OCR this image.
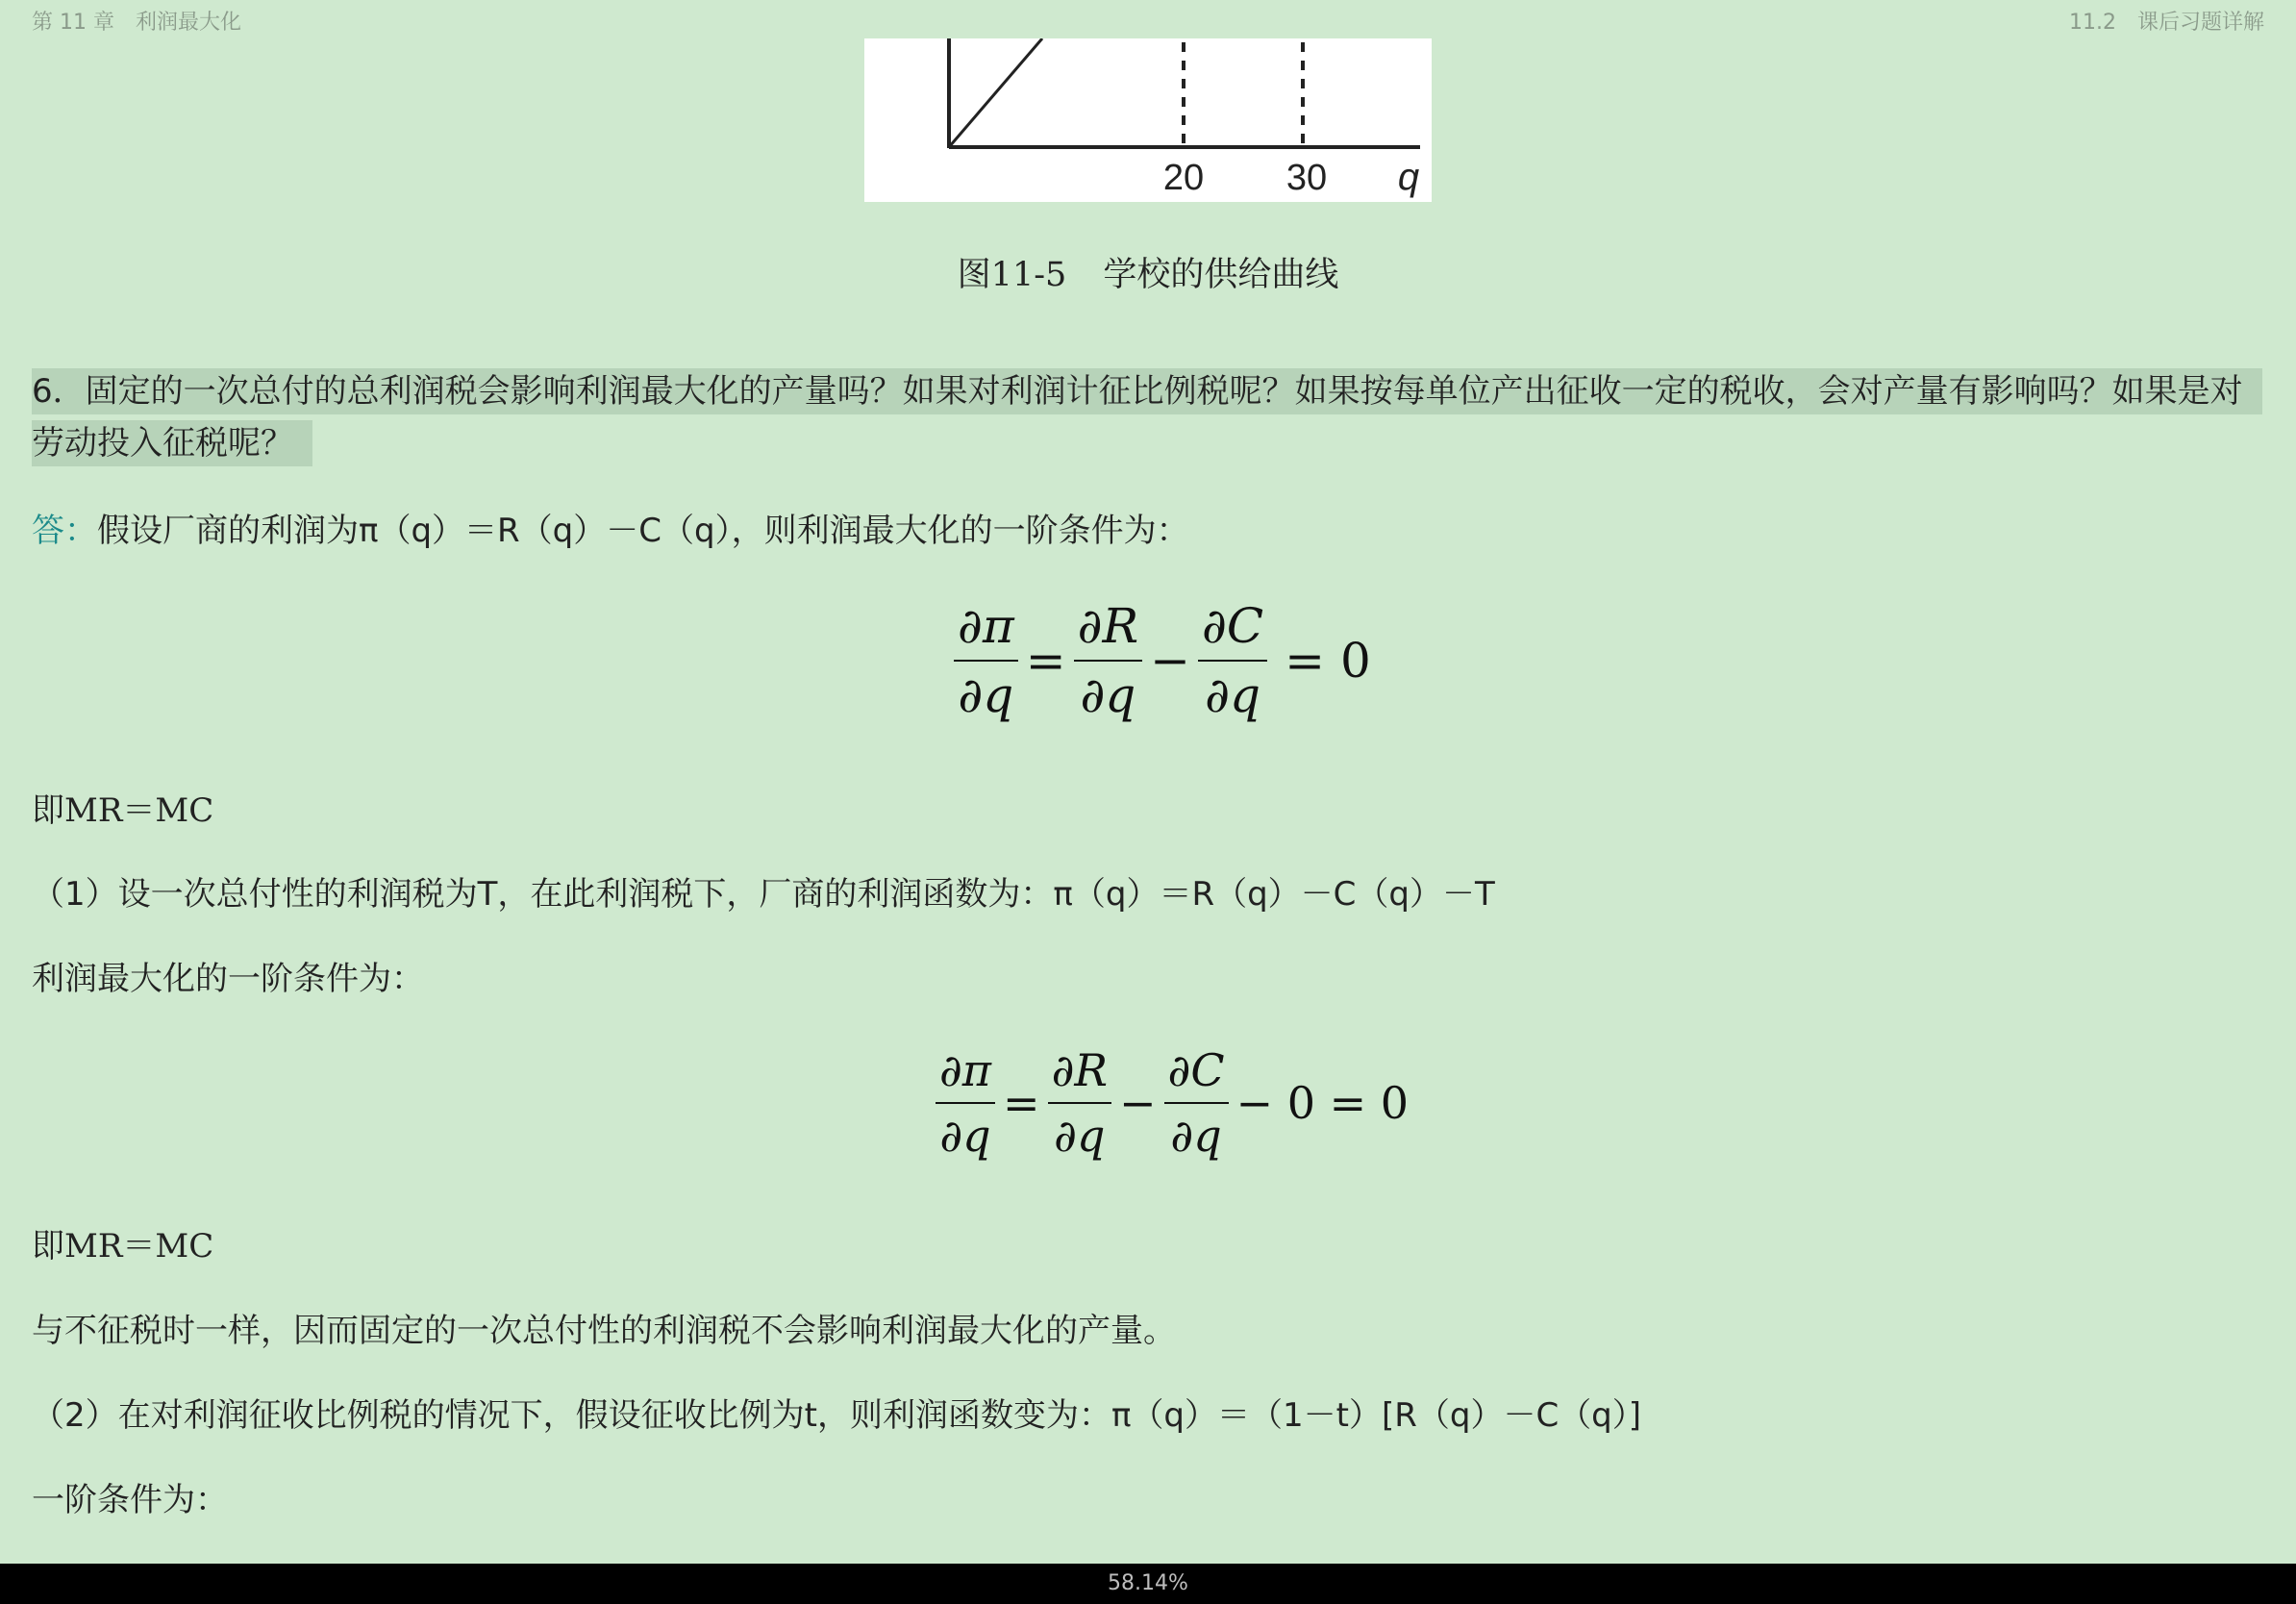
第 11 章 利润最大化	11.2 课后习题详解
20 30 q
图11-5 学校的供给曲线
6．固定的一次总付的总利润税会影响利润最大化的产量吗？如果对利润计征比例税呢？如果按每单位产出征收一定的税收，会对产量有影响吗？如果是对劳动投入征税呢？
答：假设厂商的利润为π（q）＝R（q）－C（q），则利润最大化的一阶条件为：
$\frac{\partial\pi}{\partial q} = \frac{\partial R}{\partial q} - \frac{\partial C}{\partial q} = 0$
即MR＝MC
（1）设一次总付性的利润税为T，在此利润税下，厂商的利润函数为：π（q）＝R（q）－C（q）－T
利润最大化的一阶条件为：
$\frac{\partial\pi}{\partial q} = \frac{\partial R}{\partial q} - \frac{\partial C}{\partial q} - 0 = 0$
即MR＝MC
与不征税时一样，因而固定的一次总付性的利润税不会影响利润最大化的产量。
（2）在对利润征收比例税的情况下，假设征收比例为t，则利润函数变为：π（q）＝（1－t）[R（q）－C（q）]
一阶条件为：
58.14%
